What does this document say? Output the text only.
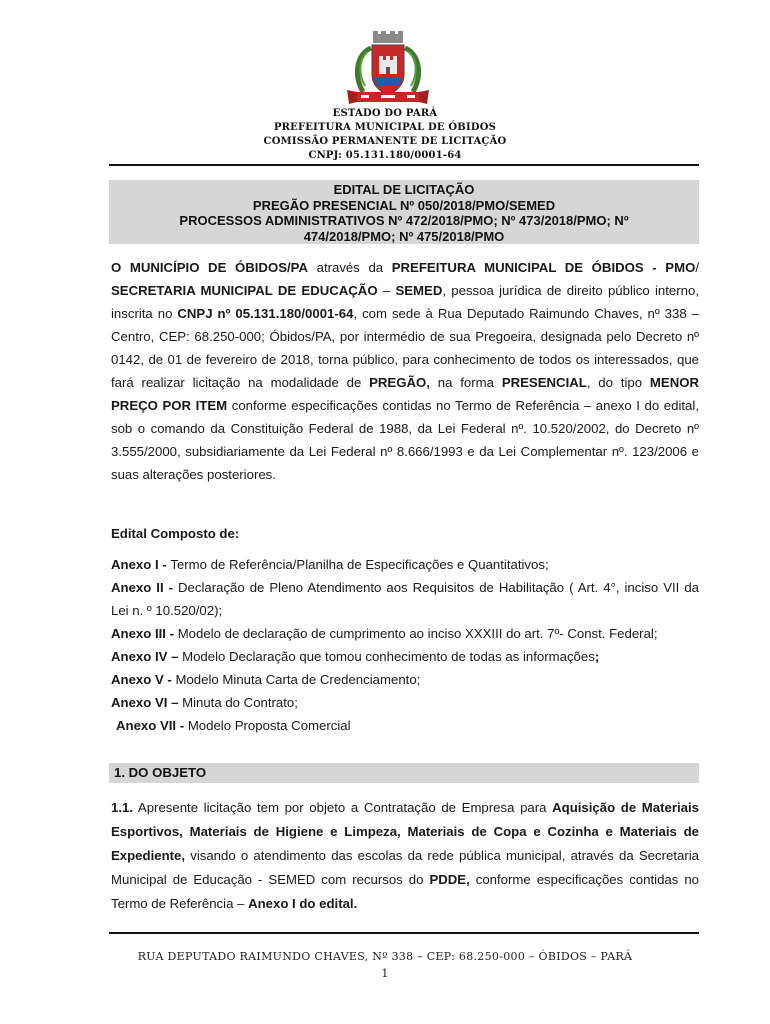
ESTADO DO PARÁ
PREFEITURA MUNICIPAL DE ÓBIDOS
COMISSÃO PERMANENTE DE LICITAÇÃO
CNPJ: 05.131.180/0001-64
EDITAL DE LICITAÇÃO
PREGÃO PRESENCIAL Nº 050/2018/PMO/SEMED
PROCESSOS ADMINISTRATIVOS Nº 472/2018/PMO; Nº 473/2018/PMO; Nº
474/2018/PMO; Nº 475/2018/PMO
O MUNICÍPIO DE ÓBIDOS/PA através da PREFEITURA MUNICIPAL DE ÓBIDOS - PMO/ SECRETARIA MUNICIPAL DE EDUCAÇÃO – SEMED, pessoa jurídica de direito público interno, inscrita no CNPJ nº 05.131.180/0001-64, com sede à Rua Deputado Raimundo Chaves, nº 338 – Centro, CEP: 68.250-000; Óbidos/PA, por intermédio de sua Pregoeira, designada pelo Decreto nº 0142, de 01 de fevereiro de 2018, torna público, para conhecimento de todos os interessados, que fará realizar licitação na modalidade de PREGÃO, na forma PRESENCIAL, do tipo MENOR PREÇO POR ITEM conforme especificações contidas no Termo de Referência – anexo I do edital, sob o comando da Constituição Federal de 1988, da Lei Federal nº. 10.520/2002, do Decreto nº 3.555/2000, subsidiariamente da Lei Federal nº 8.666/1993 e da Lei Complementar nº. 123/2006 e suas alterações posteriores.
Edital Composto de:
Anexo I - Termo de Referência/Planilha de Especificações e Quantitativos;
Anexo II - Declaração de Pleno Atendimento aos Requisitos de Habilitação ( Art. 4°, inciso VII da Lei n. º 10.520/02);
Anexo III - Modelo de declaração de cumprimento ao inciso XXXIII do art. 7º- Const. Federal;
Anexo IV – Modelo Declaração que tomou conhecimento de todas as informações;
Anexo V - Modelo Minuta Carta de Credenciamento;
Anexo VI – Minuta do Contrato;
Anexo VII - Modelo Proposta Comercial
1. DO OBJETO
1.1. Apresente licitação tem por objeto a Contratação de Empresa para Aquisição de Materiais Esportivos, Materiais de Higiene e Limpeza, Materiais de Copa e Cozinha e Materiais de Expediente, visando o atendimento das escolas da rede pública municipal, através da Secretaria Municipal de Educação - SEMED com recursos do PDDE, conforme especificações contidas no Termo de Referência – Anexo I do edital.
RUA DEPUTADO RAIMUNDO CHAVES, Nº 338 – CEP: 68.250-000 – ÓBIDOS – PARÁ
1
